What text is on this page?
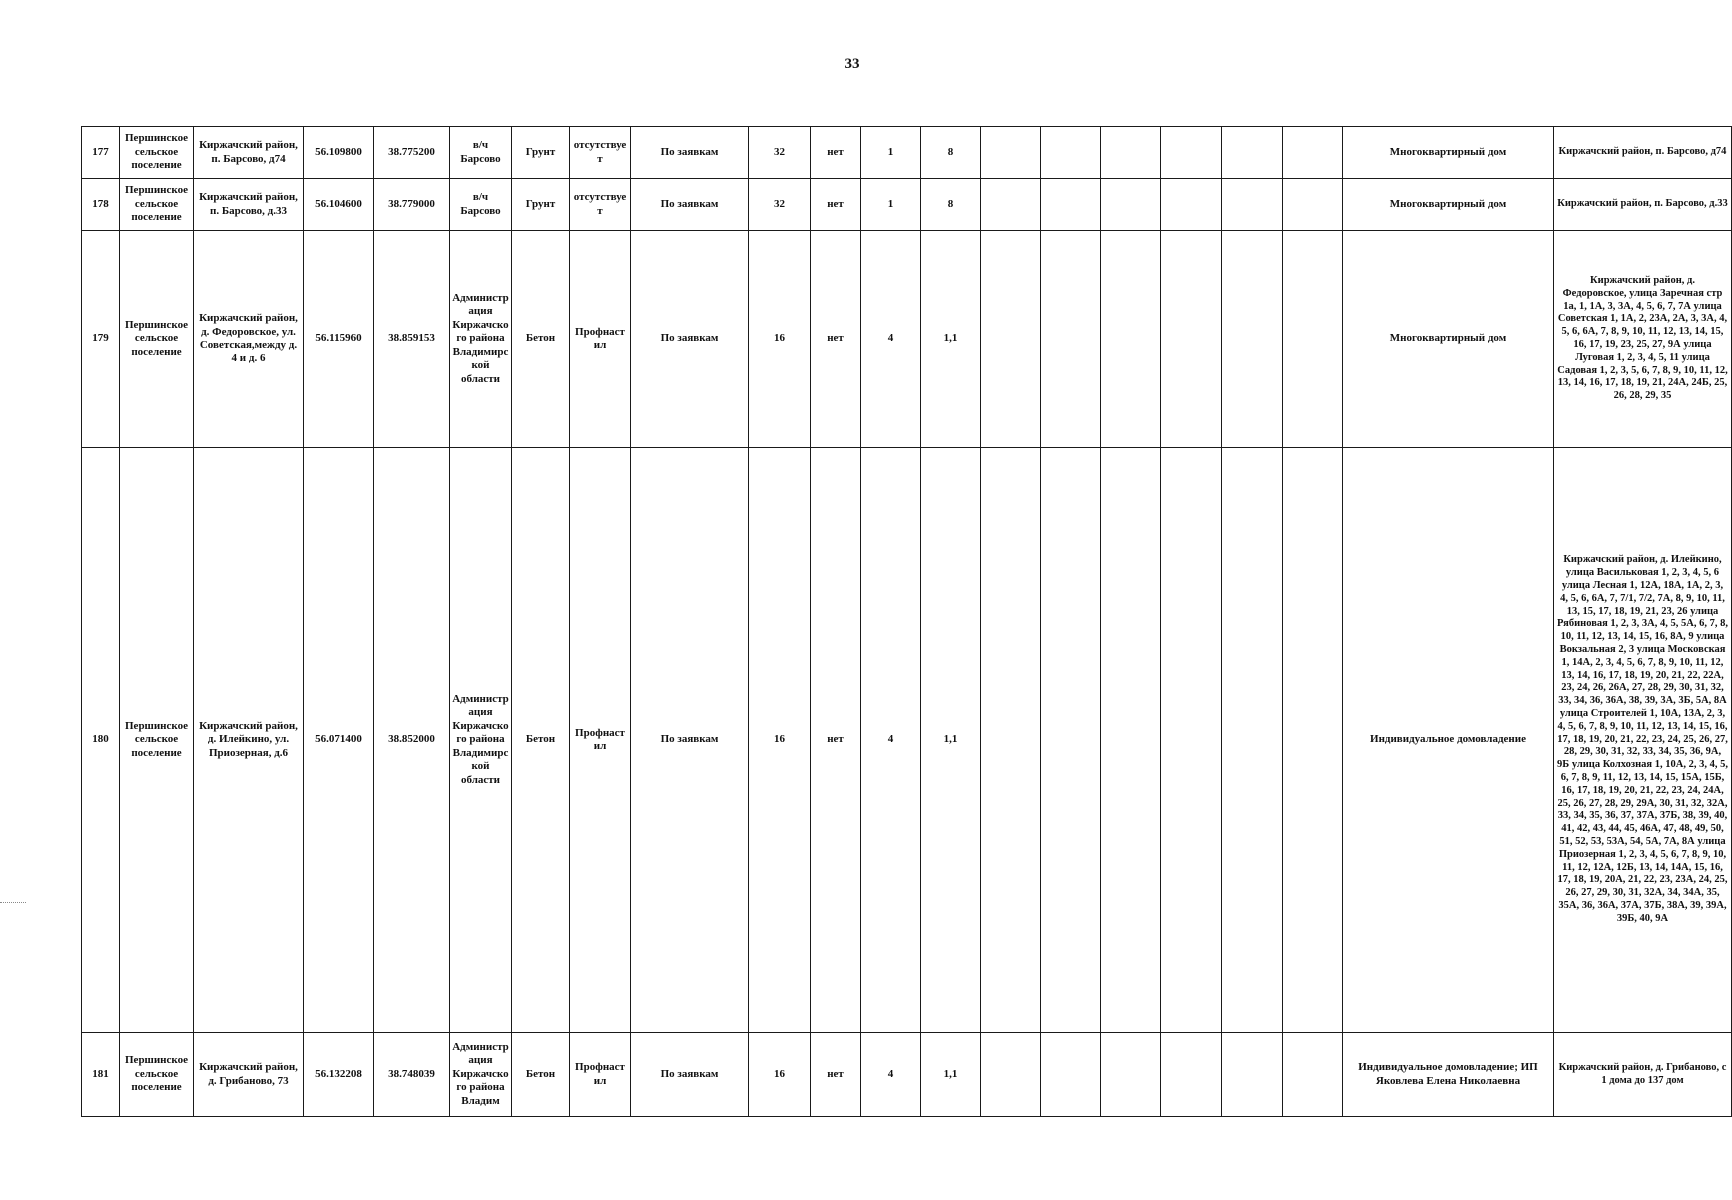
33
177	Першинское сельское поселение	Киржачский район, п. Барсово, д74	56.109800	38.775200	в/ч Барсово	Грунт	отсутствует	По заявкам	32	нет	1	8							Многоквартирный дом	Киржачский район, п. Барсово, д74
178	Першинское сельское поселение	Киржачский район, п. Барсово, д.33	56.104600	38.779000	в/ч Барсово	Грунт	отсутствует	По заявкам	32	нет	1	8							Многоквартирный дом	Киржачский район, п. Барсово, д.33
179	Першинское сельское поселение	Киржачский район, д. Федоровское, ул. Советская,между д. 4 и д. 6	56.115960	38.859153	Администрация Киржачского района Владимирской области	Бетон	Профнастил	По заявкам	16	нет	4	1,1							Многоквартирный дом	Киржачский район, д. Федоровское, улица Заречная стр 1а, 1, 1А, 3, 3А, 4, 5, 6, 7, 7А улица Советская 1, 1А, 2, 23А, 2А, 3, 3А, 4, 5, 6, 6А, 7, 8, 9, 10, 11, 12, 13, 14, 15, 16, 17, 19, 23, 25, 27, 9А улица Луговая 1, 2, 3, 4, 5, 11 улица Садовая 1, 2, 3, 5, 6, 7, 8, 9, 10, 11, 12, 13, 14, 16, 17, 18, 19, 21, 24А, 24Б, 25, 26, 28, 29, 35
180	Першинское сельское поселение	Киржачский район, д. Илейкино, ул. Приозерная, д.6	56.071400	38.852000	Администрация Киржачского района Владимирской области	Бетон	Профнастил	По заявкам	16	нет	4	1,1							Индивидуальное домовладение	Киржачский район, д. Илейкино, улица Васильковая 1, 2, 3, 4, 5, 6 улица Лесная 1, 12А, 18А, 1А, 2, 3, 4, 5, 6, 6А, 7, 7/1, 7/2, 7А, 8, 9, 10, 11, 13, 15, 17, 18, 19, 21, 23, 26 улица Рябиновая 1, 2, 3, 3А, 4, 5, 5А, 6, 7, 8, 10, 11, 12, 13, 14, 15, 16, 8А, 9 улица Вокзальная 2, 3 улица Московская 1, 14А, 2, 3, 4, 5, 6, 7, 8, 9, 10, 11, 12, 13, 14, 16, 17, 18, 19, 20, 21, 22, 22А, 23, 24, 26, 26А, 27, 28, 29, 30, 31, 32, 33, 34, 36, 36А, 38, 39, 3А, 3Б, 5А, 8А улица Строителей 1, 10А, 13А, 2, 3, 4, 5, 6, 7, 8, 9, 10, 11, 12, 13, 14, 15, 16, 17, 18, 19, 20, 21, 22, 23, 24, 25, 26, 27, 28, 29, 30, 31, 32, 33, 34, 35, 36, 9А, 9Б улица Колхозная 1, 10А, 2, 3, 4, 5, 6, 7, 8, 9, 11, 12, 13, 14, 15, 15А, 15Б, 16, 17, 18, 19, 20, 21, 22, 23, 24, 24А, 25, 26, 27, 28, 29, 29А, 30, 31, 32, 32А, 33, 34, 35, 36, 37, 37А, 37Б, 38, 39, 40, 41, 42, 43, 44, 45, 46А, 47, 48, 49, 50, 51, 52, 53, 53А, 54, 5А, 7А, 8А улица Приозерная 1, 2, 3, 4, 5, 6, 7, 8, 9, 10, 11, 12, 12А, 12Б, 13, 14, 14А, 15, 16, 17, 18, 19, 20А, 21, 22, 23, 23А, 24, 25, 26, 27, 29, 30, 31, 32А, 34, 34А, 35, 35А, 36, 36А, 37А, 37Б, 38А, 39, 39А, 39Б, 40, 9А
181	Першинское сельское поселение	Киржачский район, д. Грибаново, 73	56.132208	38.748039	Администрация Киржачского района Владим	Бетон	Профнастил	По заявкам	16	нет	4	1,1							Индивидуальное домовладение; ИП Яковлева Елена Николаевна	Киржачский район, д. Грибаново, с 1 дома до 137 дом
